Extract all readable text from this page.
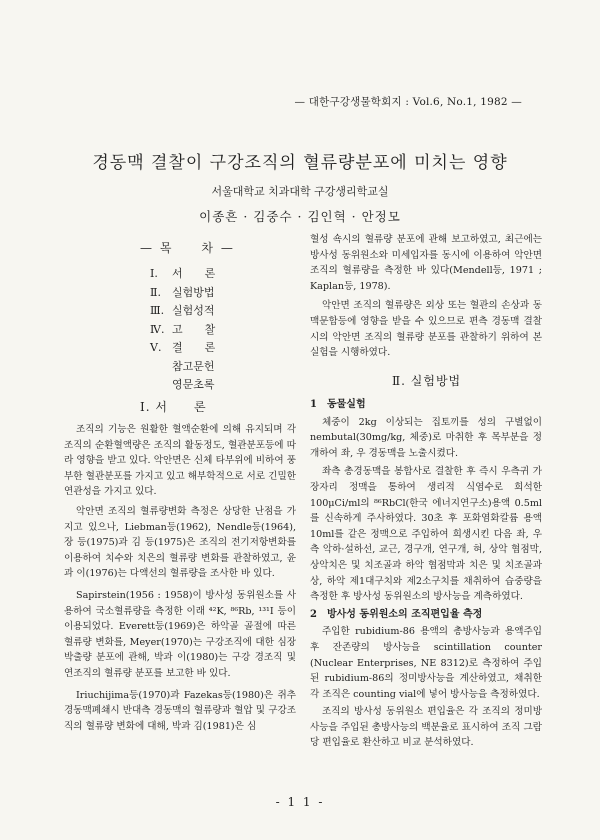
— 대한구강생물학회지 : Vol.6, No.1, 1982 —
경동맥 결찰이 구강조직의 혈류량분포에 미치는 영향
서울대학교 치과대학 구강생리학교실
이종흔 · 김중수 · 김인혁 · 안정모
— 목　　차 —
Ⅰ. 서　　론
Ⅱ. 실험방법
Ⅲ. 실험성적
Ⅳ. 고　　찰
Ⅴ. 결　　론
참고문헌
영문초록
Ⅰ. 서　　론

조직의 기능은 원활한 혈액순환에 의해 유지되며 각 조직의 순환혈액량은 조직의 활동정도, 혈관분포등에 따라 영향을 받고 있다. 악안면은 신체 타부위에 비하여 풍부한 혈관분포를 가지고 있고 해부학적으로 서로 긴밀한 연관성을 가지고 있다.

악안면 조직의 혈류량변화 측정은 상당한 난점을 가지고 있으나, Liebman등(1962), Nendle등(1964), 장 등(1975)과 김 등(1975)은 조직의 전기저항변화를 이용하여 치수와 치은의 혈류량 변화를 관찰하였고, 윤과 이(1976)는 다액선의 혈류량을 조사한 바 있다.

Sapirstein(1956 : 1958)이 방사성 동위원소를 사용하여 국소혈류량을 측정한 이래 ⁴²K, ⁸⁶Rb, ¹³¹I 등이 이용되었다. Everett등(1969)은 하악골 골절에 따른 혈류량 변화를, Meyer(1970)는 구강조직에 대한 심장박출량 분포에 관해, 박과 이(1980)는 구강 경조직 및 연조직의 혈류량 분포를 보고한 바 있다.

Iriuchijima등(1970)과 Fazekas등(1980)은 쥐추경동맥폐쇄시 반대측 경동맥의 혈류량과 혈압 및 구강조직의 혈류량 변화에 대해, 박과 김(1981)은 심

혈성 쇽시의 혈류량 분포에 관해 보고하였고, 최근에는 방사성 동위원소와 미세입자를 동시에 이용하여 악안면 조직의 혈류량을 측정한 바 있다(Mendell등, 1971 ; Kaplan등, 1978).

악안면 조직의 혈류량은 외상 또는 혈관의 손상과 동맥문합등에 영향을 받을 수 있으므로 편측 경동맥 결찰시의 악안면 조직의 혈류량 분포를 관찰하기 위하여 본 실험을 시행하였다.

Ⅱ. 실험방법
1　동물실험

체중이 2kg 이상되는 집토끼를 성의 구별없이 nembutal(30mg/kg, 체중)로 마취한 후 목부분을 정개하여 좌, 우 경동맥을 노출시켰다.

좌측 총경동맥을 봉합사로 결찰한 후 즉시 우측귀 가장자리 정맥을 통하여 생리적 식염수로 희석한 100μCi/ml의 ⁸⁶RbCl(한국 에너지연구소)용액 0.5ml를 신속하게 주사하였다. 30초 후 포화염화칼륨 용액 10ml를 같은 정맥으로 주입하여 희생시킨 다음 좌, 우측 악하·설하선, 교근, 경구개, 연구개, 혀, 상악 협점막, 상악치은 및 치조골과 하악 협점막과 치은 및 치조골과 상, 하악 제1대구치와 제2소구치를 채취하여 습중량을 측정한 후 방사성 동위원소의 방사능을 계측하였다.

2　방사성 동위원소의 조직편입율 측정

주입한 rubidium-86 용액의 총방사능과 용액주입후 잔존량의 방사능을 scintillation counter (Nuclear Enterprises, NE 8312)로 측정하여 주입된 rubidium-86의 정미방사능을 계산하였고, 채취한 각 조직은 counting vial에 넣어 방사능을 측정하였다.

조직의 방사성 동위원소 편입율은 각 조직의 정미방사능을 주입된 총방사능의 백분율로 표시하여 조직 그람당 편입율로 환산하고 비교 분석하였다.

- 1 1 -
